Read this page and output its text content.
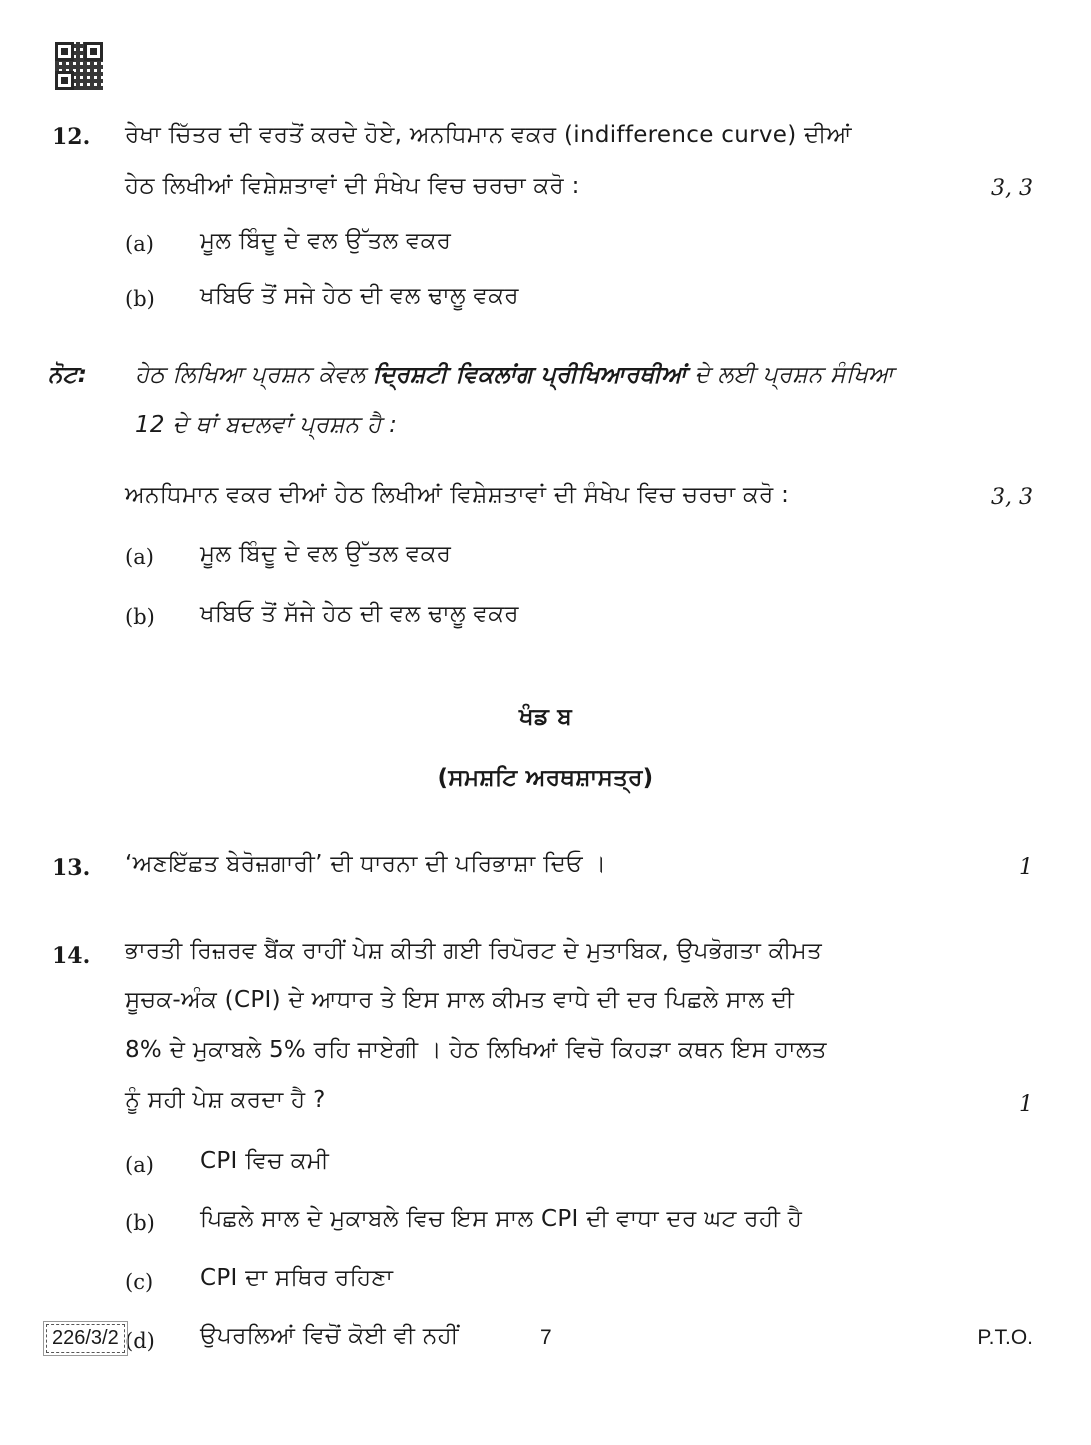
12. ਰੇਖਾ ਚਿੱਤਰ ਦੀ ਵਰਤੋਂ ਕਰਦੇ ਹੋਏ, ਅਨਧਿਮਾਨ ਵਕਰ (indifference curve) ਦੀਆਂ
ਹੇਠ ਲਿਖੀਆਂ ਵਿਸ਼ੇਸ਼ਤਾਵਾਂ ਦੀ ਸੰਖੇਪ ਵਿਚ ਚਰਚਾ ਕਰੋ :	3, 3
(a) ਮੂਲ ਬਿੰਦੂ ਦੇ ਵਲ ਉੱਤਲ ਵਕਰ
(b) ਖਬਿਓ ਤੋਂ ਸਜੇ ਹੇਠ ਦੀ ਵਲ ਢਾਲੂ ਵਕਰ
ਨੋਟ: ਹੇਠ ਲਿਖਿਆ ਪ੍ਰਸ਼ਨ ਕੇਵਲ ਦ੍ਰਿਸ਼ਟੀ ਵਿਕਲਾਂਗ ਪ੍ਰੀਖਿਆਰਥੀਆਂ ਦੇ ਲਈ ਪ੍ਰਸ਼ਨ ਸੰਖਿਆ
12 ਦੇ ਥਾਂ ਬਦਲਵਾਂ ਪ੍ਰਸ਼ਨ ਹੈ :
ਅਨਧਿਮਾਨ ਵਕਰ ਦੀਆਂ ਹੇਠ ਲਿਖੀਆਂ ਵਿਸ਼ੇਸ਼ਤਾਵਾਂ ਦੀ ਸੰਖੇਪ ਵਿਚ ਚਰਚਾ ਕਰੋ :	3, 3
(a) ਮੂਲ ਬਿੰਦੂ ਦੇ ਵਲ ਉੱਤਲ ਵਕਰ
(b) ਖਬਿਓ ਤੋਂ ਸੱਜੇ ਹੇਠ ਦੀ ਵਲ ਢਾਲੂ ਵਕਰ
ਖੰਡ ਬ
(ਸਮਸ਼ਟਿ ਅਰਥਸ਼ਾਸਤ੍ਰ)
13. ‘ਅਣਇੱਛਤ ਬੇਰੋਜ਼ਗਾਰੀ’ ਦੀ ਧਾਰਨਾ ਦੀ ਪਰਿਭਾਸ਼ਾ ਦਿਓ ।	1
14. ਭਾਰਤੀ ਰਿਜ਼ਰਵ ਬੈਂਕ ਰਾਹੀਂ ਪੇਸ਼ ਕੀਤੀ ਗਈ ਰਿਪੋਰਟ ਦੇ ਮੁਤਾਬਿਕ, ਉਪਭੋਗਤਾ ਕੀਮਤ
ਸੂਚਕ-ਅੰਕ (CPI) ਦੇ ਆਧਾਰ ਤੇ ਇਸ ਸਾਲ ਕੀਮਤ ਵਾਧੇ ਦੀ ਦਰ ਪਿਛਲੇ ਸਾਲ ਦੀ
8% ਦੇ ਮੁਕਾਬਲੇ 5% ਰਹਿ ਜਾਏਗੀ । ਹੇਠ ਲਿਖਿਆਂ ਵਿਚੋ ਕਿਹੜਾ ਕਥਨ ਇਸ ਹਾਲਤ
ਨੂੰ ਸਹੀ ਪੇਸ਼ ਕਰਦਾ ਹੈ ?	1
(a) CPI ਵਿਚ ਕਮੀ
(b) ਪਿਛਲੇ ਸਾਲ ਦੇ ਮੁਕਾਬਲੇ ਵਿਚ ਇਸ ਸਾਲ CPI ਦੀ ਵਾਧਾ ਦਰ ਘਟ ਰਹੀ ਹੈ
(c) CPI ਦਾ ਸਥਿਰ ਰਹਿਣਾ
(d) ਉਪਰਲਿਆਂ ਵਿਚੋਂ ਕੋਈ ਵੀ ਨਹੀਂ
226/3/2	7	P.T.O.
